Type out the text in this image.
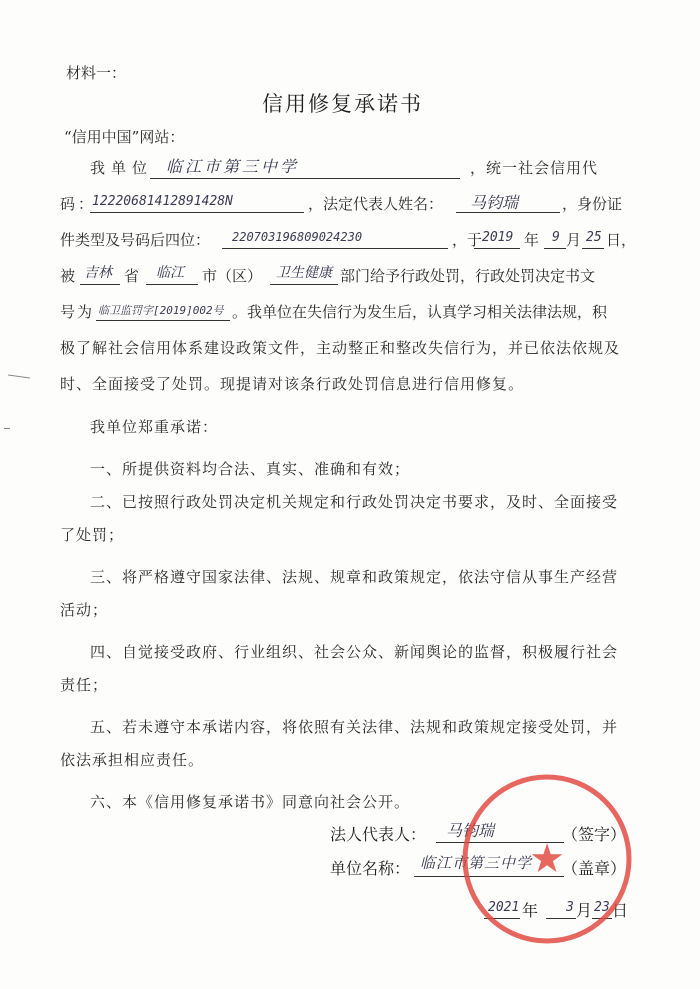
材料一：
信用修复承诺书
“信用中国”网站：
我单位 临江市第三中学	，统一社会信用代
码：
12220681412891428N	，法定代表人姓名： 马钧瑞	，身份证
件类型及号码后四位： 220703196809024230	，于 2019 年 9 月 25 日，
被 吉林 省 临江 市（区） 卫生健康 部门给予行政处罚，行政处罚决定书文
号为 临卫监罚字[2019]002号 。我单位在失信行为发生后，认真学习相关法律法规，积
极了解社会信用体系建设政策文件，主动整正和整改失信行为，并已依法依规及
时、全面接受了处罚。现提请对该条行政处罚信息进行信用修复。
我单位郑重承诺：
一、所提供资料均合法、真实、准确和有效；
二、已按照行政处罚决定机关规定和行政处罚决定书要求，及时、全面接受
了处罚；
三、将严格遵守国家法律、法规、规章和政策规定，依法守信从事生产经营
活动；
四、自觉接受政府、行业组织、社会公众、新闻舆论的监督，积极履行社会
责任；
五、若未遵守本承诺内容，将依照有关法律、法规和政策规定接受处罚，并
依法承担相应责任。
六、本《信用修复承诺书》同意向社会公开。
法人代表人： 马钧瑞	（签字）
单位名称： 临江市第三中学 （盖章）
2021 年 3 月 23 日
★
